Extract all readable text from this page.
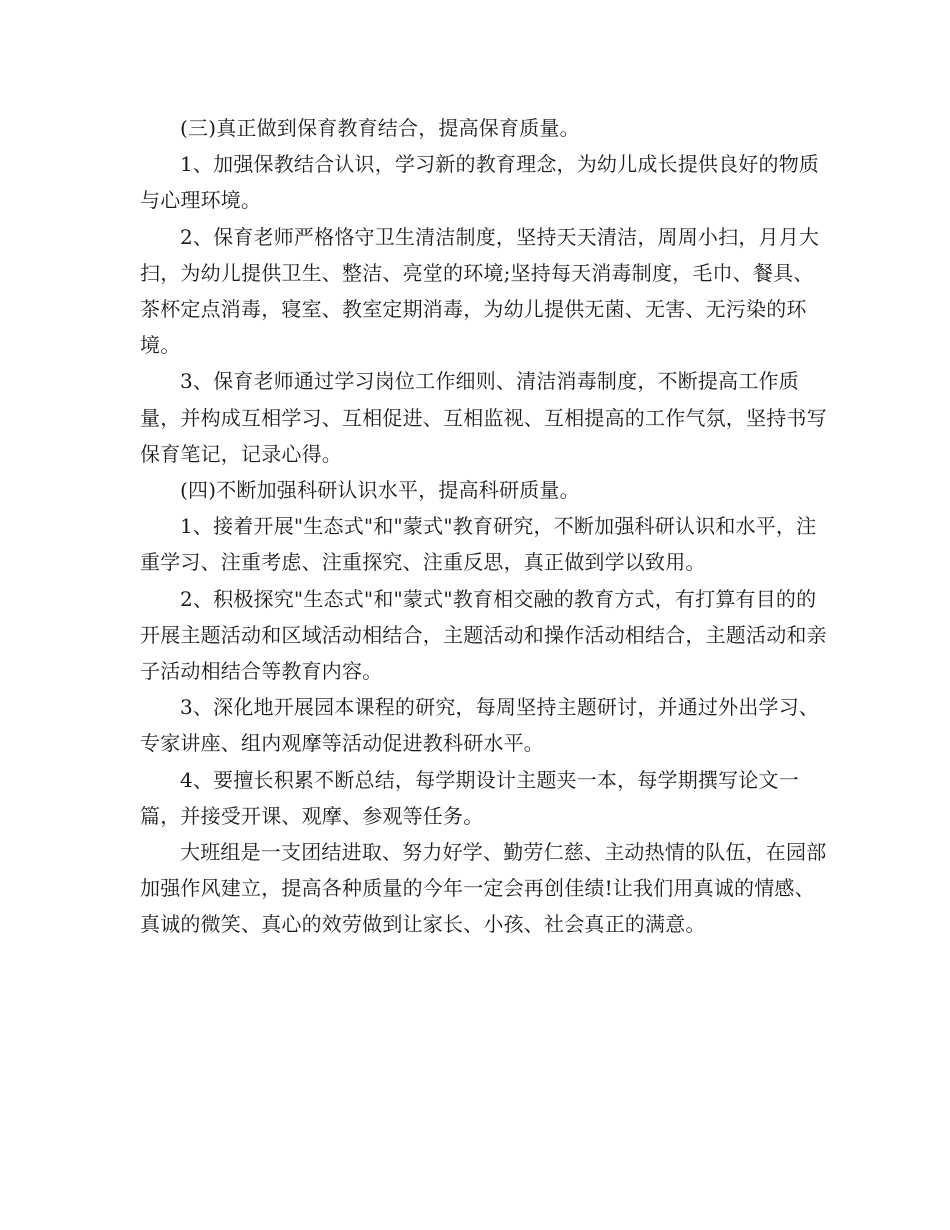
(三)真正做到保育教育结合，提高保育质量。

1、加强保教结合认识，学习新的教育理念，为幼儿成长提供良好的物质与心理环境。

2、保育老师严格恪守卫生清洁制度，坚持天天清洁，周周小扫，月月大扫，为幼儿提供卫生、整洁、亮堂的环境;坚持每天消毒制度，毛巾、餐具、茶杯定点消毒，寝室、教室定期消毒，为幼儿提供无菌、无害、无污染的环境。

3、保育老师通过学习岗位工作细则、清洁消毒制度，不断提高工作质量，并构成互相学习、互相促进、互相监视、互相提高的工作气氛，坚持书写保育笔记，记录心得。

(四)不断加强科研认识水平，提高科研质量。

1、接着开展"生态式"和"蒙式"教育研究，不断加强科研认识和水平，注重学习、注重考虑、注重探究、注重反思，真正做到学以致用。

2、积极探究"生态式"和"蒙式"教育相交融的教育方式，有打算有目的的开展主题活动和区域活动相结合，主题活动和操作活动相结合，主题活动和亲子活动相结合等教育内容。

3、深化地开展园本课程的研究，每周坚持主题研讨，并通过外出学习、专家讲座、组内观摩等活动促进教科研水平。

4、要擅长积累不断总结，每学期设计主题夹一本，每学期撰写论文一篇，并接受开课、观摩、参观等任务。

大班组是一支团结进取、努力好学、勤劳仁慈、主动热情的队伍，在园部加强作风建立，提高各种质量的今年一定会再创佳绩!让我们用真诚的情感、真诚的微笑、真心的效劳做到让家长、小孩、社会真正的满意。
